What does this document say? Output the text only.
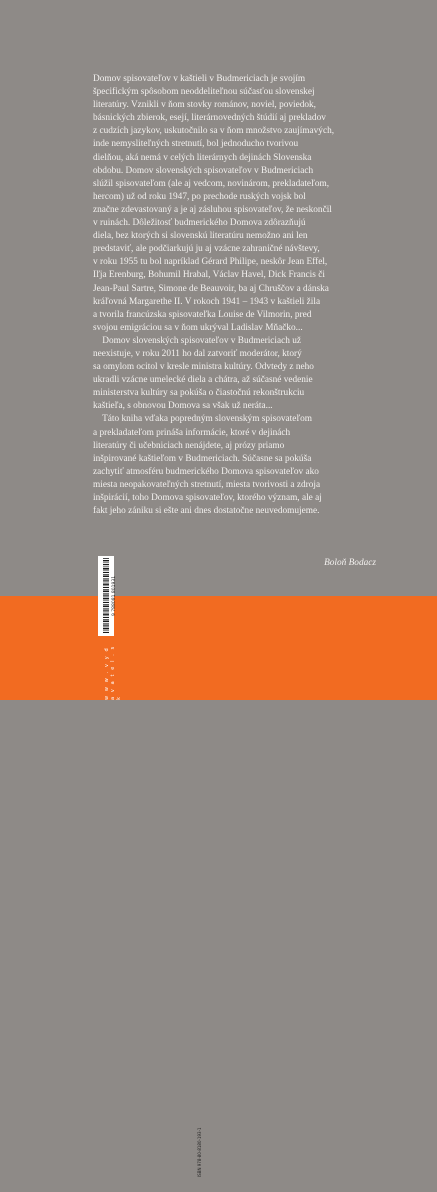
Domov spisovateľov v kaštieli v Budmericiach je svojím
špecifickým spôsobom neoddeliteľnou súčasťou slovenskej
literatúry. Vznikli v ňom stovky románov, noviel, poviedok,
básnických zbierok, esejí, literárnovedných štúdií aj prekladov
z cudzích jazykov, uskutočnilo sa v ňom množstvo zaujímavých,
inde nemysliteľných stretnutí, bol jednoducho tvorivou
dielňou, aká nemá v celých literárnych dejinách Slovenska
obdobu. Domov slovenských spisovateľov v Budmericiach
slúžil spisovateľom (ale aj vedcom, novinárom, prekladateľom,
hercom) už od roku 1947, po prechode ruských vojsk bol
značne zdevastovaný a je aj zásluhou spisovateľov, že neskončil
v ruinách. Dôležitosť budmerického Domova zdôrazňujú
diela, bez ktorých si slovenskú literatúru nemožno ani len
predstaviť, ale podčiarkujú ju aj vzácne zahraničné návštevy,
v roku 1955 tu bol napríklad Gérard Philipe, neskôr Jean Effel,
Iľja Erenburg, Bohumil Hrabal, Václav Havel, Dick Francis či
Jean-Paul Sartre, Simone de Beauvoir, ba aj Chruščov a dánska
kráľovná Margarethe II. V rokoch 1941 – 1943 v kaštieli žila
a tvorila francúzska spisovateľka Louise de Vilmorin, pred
svojou emigráciou sa v ňom ukrýval Ladislav Mňačko...

Domov slovenských spisovateľov v Budmericiach už
neexistuje, v roku 2011 ho dal zatvoriť moderátor, ktorý
sa omylom ocitol v kresle ministra kultúry. Odvtedy z neho
ukradli vzácne umelecké diela a chátra, až súčasné vedenie
ministerstva kultúry sa pokúša o čiastočnú rekonštrukciu
kaštieľa, s obnovou Domova sa však už neráta...

Táto kniha vďaka popredným slovenským spisovateľom
a prekladateľom prináša informácie, ktoré v dejinách
literatúry či učebniciach nenájdete, aj prózy priamo
inšpirované kaštieľom v Budmericiach. Súčasne sa pokúša
zachytiť atmosféru budmerického Domova spisovateľov ako
miesta neopakovateľných stretnutí, miesta tvorivosti a zdroja
inšpirácií, toho Domova spisovateľov, ktorého význam, ale aj
fakt jeho zániku si ešte ani dnes dostatočne neuvedomujeme.

Boloň Bodacz
ISBN 978-80-8180-193-1
9 788081 801931
w w w . v y d a v a t e l . s k
